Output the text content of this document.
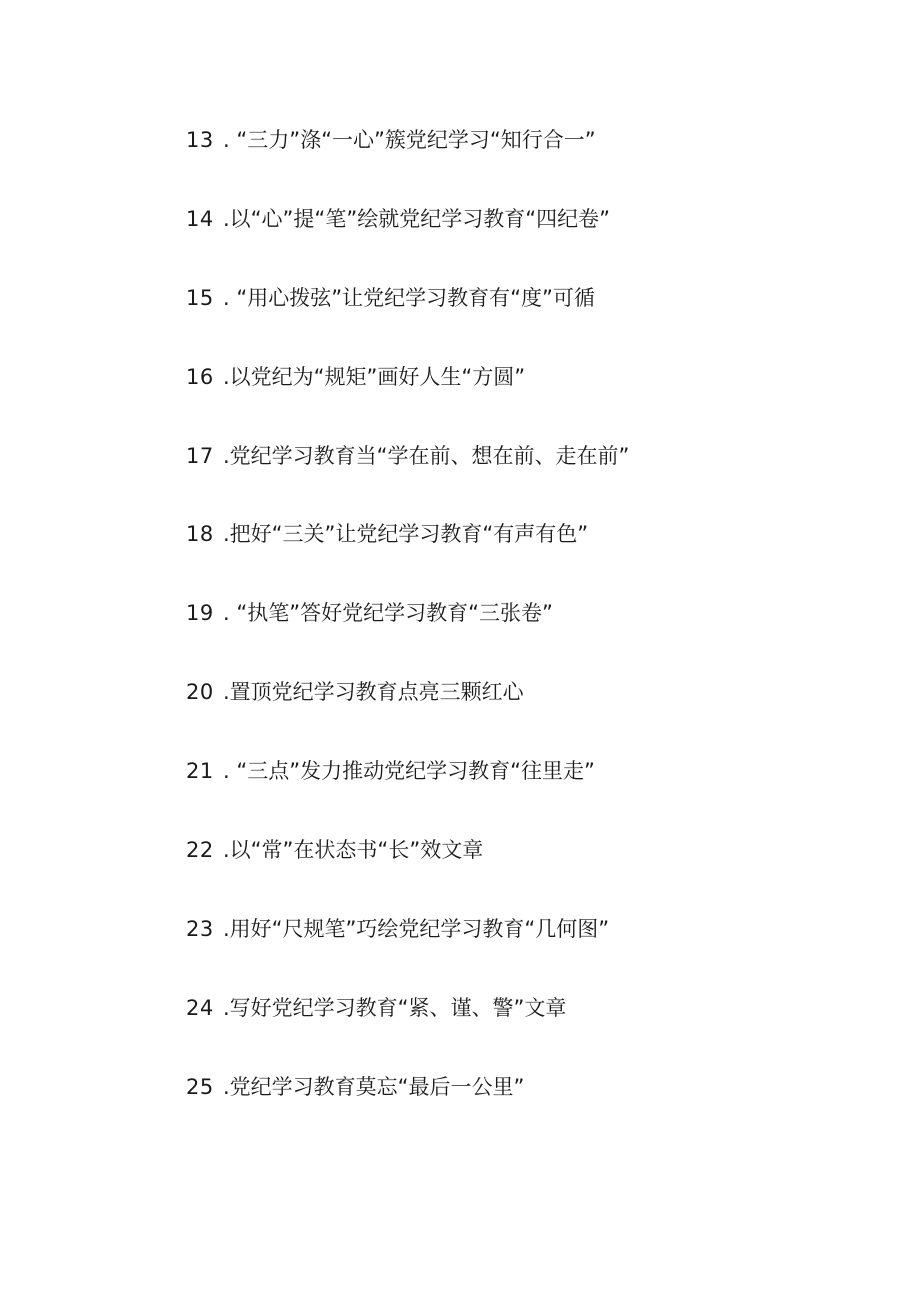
13 . “三力”涤“一心”簇党纪学习“知行合一”
14 .以“心”提“笔”绘就党纪学习教育“四纪卷”
15 . “用心拨弦”让党纪学习教育有“度”可循
16 .以党纪为“规矩”画好人生“方圆”
17 .党纪学习教育当“学在前、想在前、走在前”
18 .把好“三关”让党纪学习教育“有声有色”
19 . “执笔”答好党纪学习教育“三张卷”
20 .置顶党纪学习教育点亮三颗红心
21 . “三点”发力推动党纪学习教育“往里走”
22 .以“常”在状态书“长”效文章
23 .用好“尺规笔”巧绘党纪学习教育“几何图”
24 .写好党纪学习教育“紧、谨、警”文章
25 .党纪学习教育莫忘“最后一公里”
